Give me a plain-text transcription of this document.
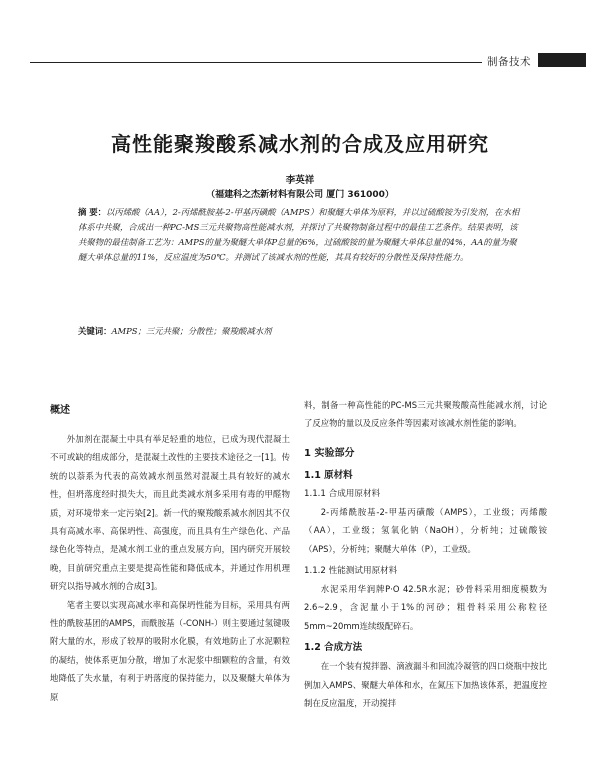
制备技术
高性能聚羧酸系减水剂的合成及应用研究
李英祥
（福建科之杰新材料有限公司 厦门 361000）
摘 要：以丙烯酸（AA），2-丙烯酰胺基-2-甲基丙磺酸（AMPS）和聚醚大单体为原料，并以过硫酸铵为引发剂，在水相体系中共聚，合成出一种PC-MS三元共聚物高性能减水剂，并探讨了共聚物制备过程中的最佳工艺条件。结果表明，该共聚物的最佳制备工艺为：AMPS的量为聚醚大单体P总量的6%，过硫酸铵的量为聚醚大单体总量的4%，AA的量为聚醚大单体总量的11%，反应温度为50℃。并测试了该减水剂的性能，其具有较好的分散性及保持性能力。
关键词：AMPS；三元共聚；分散性；聚羧酸减水剂

概述

外加剂在混凝土中具有举足轻重的地位，已成为现代混凝土不可或缺的组成部分，是混凝土改性的主要技术途径之一[1]。传统的以萘系为代表的高效减水剂虽然对混凝土具有较好的减水性，但坍落度经时损失大，而且此类减水剂多采用有毒的甲醛物质，对环境带来一定污染[2]。新一代的聚羧酸系减水剂因其不仅具有高减水率、高保坍性、高强度，而且具有生产绿色化、产品绿色化等特点，是减水剂工业的重点发展方向，国内研究开展较晚，目前研究重点主要是提高性能和降低成本，并通过作用机理研究以指导减水剂的合成[3]。

笔者主要以实现高减水率和高保坍性能为目标，采用具有两性的酰胺基团的AMPS，而酰胺基（-CONH-）则主要通过氢键吸附大量的水，形成了较厚的吸附水化膜，有效地防止了水泥颗粒的凝结，使体系更加分散，增加了水泥浆中细颗粒的含量，有效地降低了失水量，有利于坍落度的保持能力，以及聚醚大单体为原

料，制备一种高性能的PC-MS三元共聚羧酸高性能减水剂，讨论了反应物的量以及反应条件等因素对该减水剂性能的影响。

1 实验部分

1.1 原材料

1.1.1 合成用原材料

2-丙烯酰胺基-2-甲基丙磺酸（AMPS），工业级；丙烯酸（AA），工业级；氢氧化钠（NaOH），分析纯；过硫酸铵（APS），分析纯；聚醚大单体（P），工业级。

1.1.2 性能测试用原材料

水泥采用华润牌P·O 42.5R水泥；砂骨料采用细度模数为2.6~2.9，含泥量小于1%的河砂；粗骨料采用公称粒径5mm~20mm连续级配碎石。

1.2 合成方法

在一个装有搅拌器、滴液漏斗和回流冷凝管的四口烧瓶中按比例加入AMPS、聚醚大单体和水，在氮压下加热该体系，把温度控制在反应温度，开动搅拌
